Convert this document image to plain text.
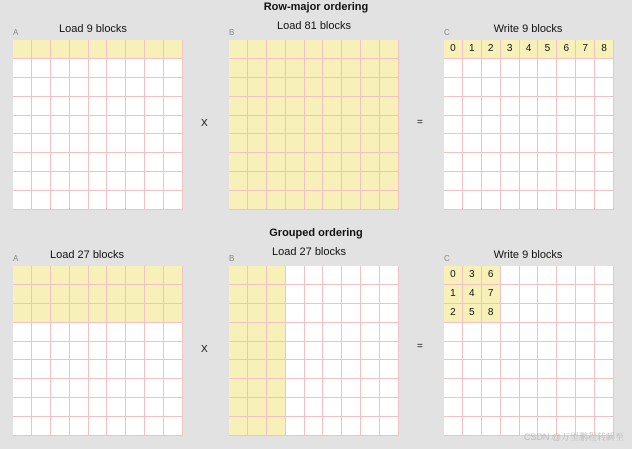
Row-major ordering
A	Load 9 blocks	B
Load 81 blocks
C	Write 9 blocks
0	1	2	3	4	5	6	7	8
X	=
Grouped ordering
A	Load 27 blocks	B
Load 27 blocks
C	Write 9 blocks
0	3	6
1	4	7
2	5	8
X	=
CSDN @万里鹏程转瞬至
